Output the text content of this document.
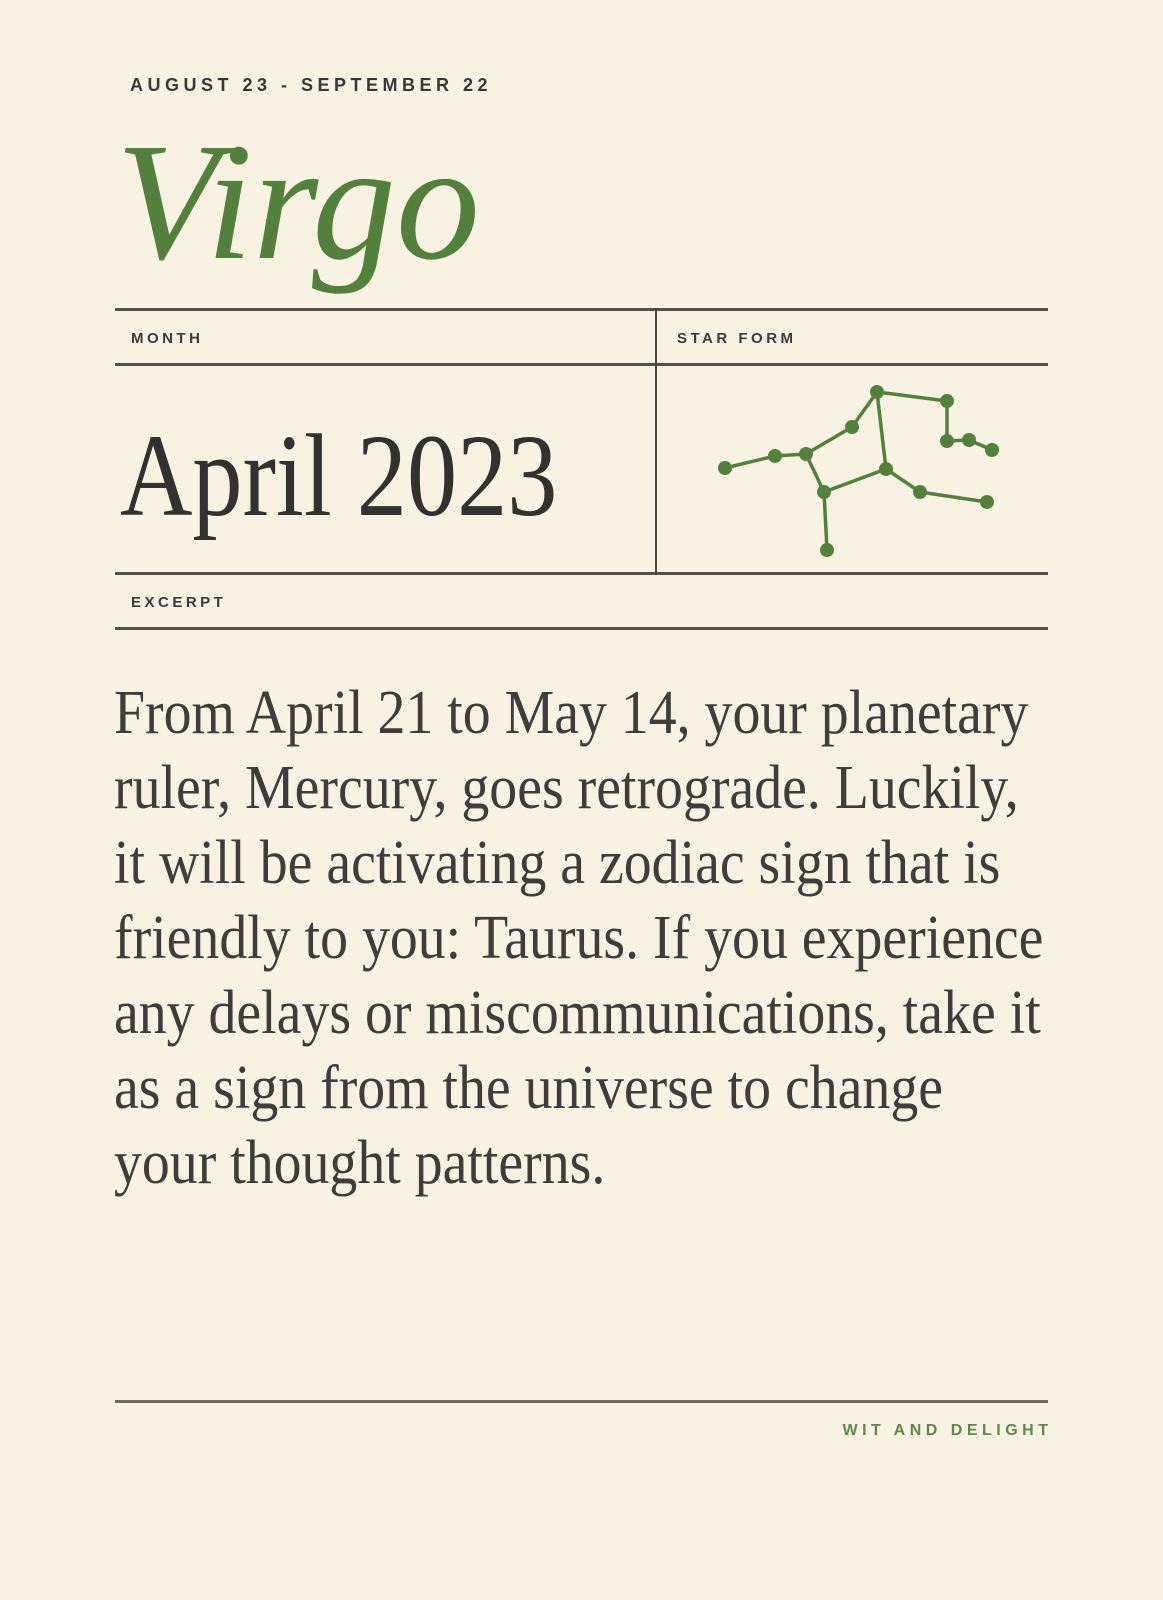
AUGUST 23 - SEPTEMBER 22
Virgo
MONTH	STAR FORM
April 2023
EXCERPT
From April 21 to May 14, your planetary
ruler, Mercury, goes retrograde. Luckily,
it will be activating a zodiac sign that is
friendly to you: Taurus. If you experience
any delays or miscommunications, take it
as a sign from the universe to change
your thought patterns.
WIT AND DELIGHT
